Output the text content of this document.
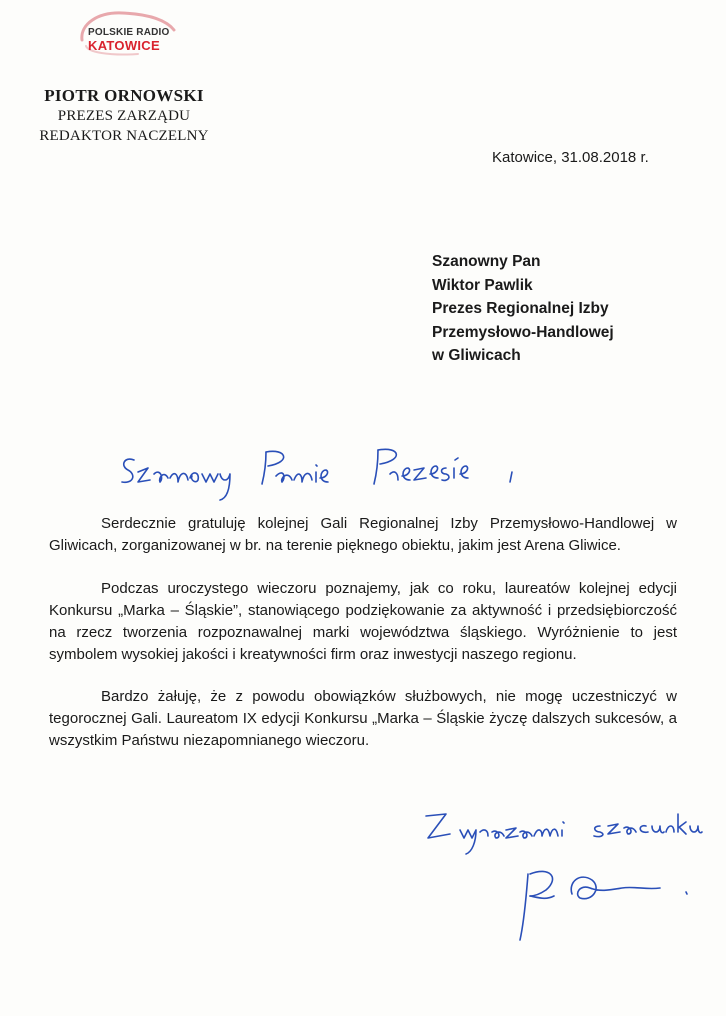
POLSKIE RADIO
KATOWICE
PIOTR ORNOWSKI
PREZES ZARZĄDU
REDAKTOR NACZELNY
Katowice, 31.08.2018 r.
Szanowny Pan
Wiktor Pawlik
Prezes Regionalnej Izby
Przemysłowo-Handlowej
w Gliwicach
Serdecznie gratuluję kolejnej Gali Regionalnej Izby Przemysłowo-Handlowej w Gliwicach, zorganizowanej w br. na terenie pięknego obiektu, jakim jest Arena Gliwice.
Podczas uroczystego wieczoru poznajemy, jak co roku, laureatów kolejnej edycji Konkursu „Marka – Śląskie”, stanowiącego podziękowanie za aktywność i przedsiębiorczość na rzecz tworzenia rozpoznawalnej marki województwa śląskiego. Wyróżnienie to jest symbolem wysokiej jakości i kreatywności firm oraz inwestycji naszego regionu.
Bardzo żałuję, że z powodu obowiązków służbowych, nie mogę uczestniczyć w tegorocznej Gali. Laureatom IX edycji Konkursu „Marka – Śląskie życzę dalszych sukcesów, a wszystkim Państwu niezapomnianego wieczoru.
